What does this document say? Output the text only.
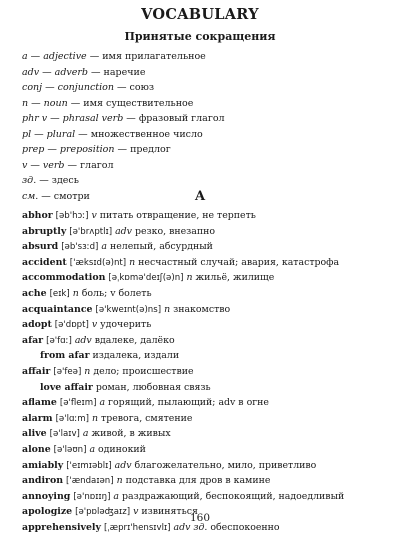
VOCABULARY
Принятые сокращения
a — adjective — имя прилагательное
adv — adverb — наречие
conj — conjunction — союз
n — noun — имя существительное
phr v — phrasal verb — фразовый глагол
pl — plural — множественное число
prep — preposition — предлог
v — verb — глагол
зд. — здесь
см. — смотри	A
abhor [əb'hɔː] v питать отвращение, не терпеть
abruptly [ə'brʌptlɪ] adv резко, внезапно
absurd [əb'sɜːd] a нелепый, абсурдный
accident ['æksɪd(ə)nt] n несчастный случай; авария, катастрофа
accommodation [əˌkɒmə'deɪʃ(ə)n] n жильё, жилище
ache [eɪk] n боль; v болеть
acquaintance [ə'kweɪnt(ə)ns] n знакомство
adopt [ə'dɒpt] v удочерить
afar [ə'fɑː] adv вдалеке, далёко
from afar издалека, издали
affair [ə'feə] n дело; происшествие
love affair роман, любовная связь
aflame [ə'fleɪm] a горящий, пылающий; adv в огне
alarm [ə'lɑːm] n тревога, смятение
alive [ə'laɪv] a живой, в живых
alone [ə'ləʊn] a одинокий
amiably ['eɪmɪəblɪ] adv благожелательно, мило, приветливо
andiron ['ændaɪən] n подставка для дров в камине
annoying [ə'nɒɪɪŋ] a раздражающий, беспокоящий, надоедливый
apologize [ə'pɒləʤaɪz] v извиняться
apprehensively [ˌæprɪ'hensɪvlɪ] adv зд. обеспокоенно
160
